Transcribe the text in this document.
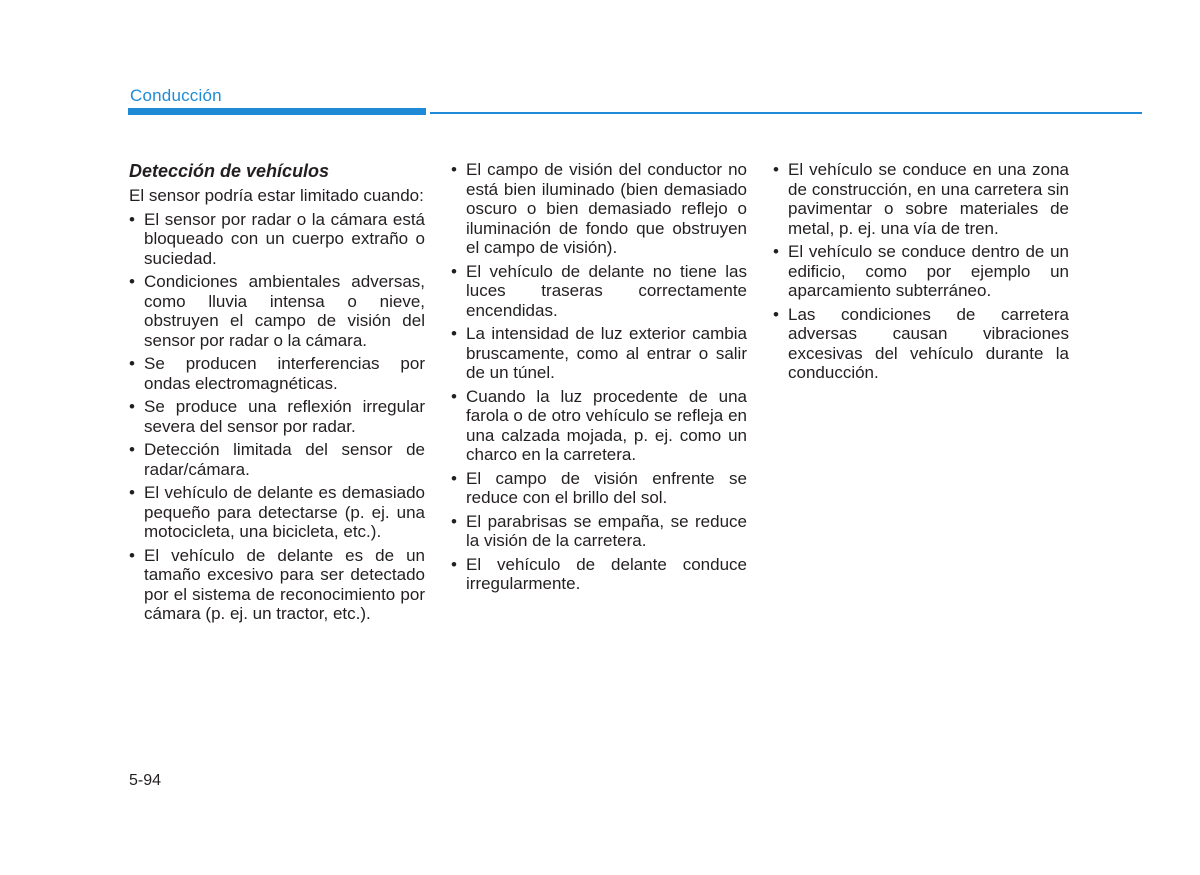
Conducción
Detección de vehículos
El sensor podría estar limitado cuando:
• El sensor por radar o la cámara está bloqueado con un cuerpo extraño o suciedad.
• Condiciones ambientales adversas, como lluvia intensa o nieve, obstruyen el campo de visión del sensor por radar o la cámara.
• Se producen interferencias por ondas electromagnéticas.
• Se produce una reflexión irregular severa del sensor por radar.
• Detección limitada del sensor de radar/cámara.
• El vehículo de delante es demasiado pequeño para detectarse (p. ej. una motocicleta, una bicicleta, etc.).
• El vehículo de delante es de un tamaño excesivo para ser detectado por el sistema de reconocimiento por cámara (p. ej. un tractor, etc.).
• El campo de visión del conductor no está bien iluminado (bien demasiado oscuro o bien demasiado reflejo o iluminación de fondo que obstruyen el campo de visión).
• El vehículo de delante no tiene las luces traseras correctamente encendidas.
• La intensidad de luz exterior cambia bruscamente, como al entrar o salir de un túnel.
• Cuando la luz procedente de una farola o de otro vehículo se refleja en una calzada mojada, p. ej. como un charco en la carretera.
• El campo de visión enfrente se reduce con el brillo del sol.
• El parabrisas se empaña, se reduce la visión de la carretera.
• El vehículo de delante conduce irregularmente.
• El vehículo se conduce en una zona de construcción, en una carretera sin pavimentar o sobre materiales de metal, p. ej. una vía de tren.
• El vehículo se conduce dentro de un edificio, como por ejemplo un aparcamiento subterráneo.
• Las condiciones de carretera adversas causan vibraciones excesivas del vehículo durante la conducción.
5-94
